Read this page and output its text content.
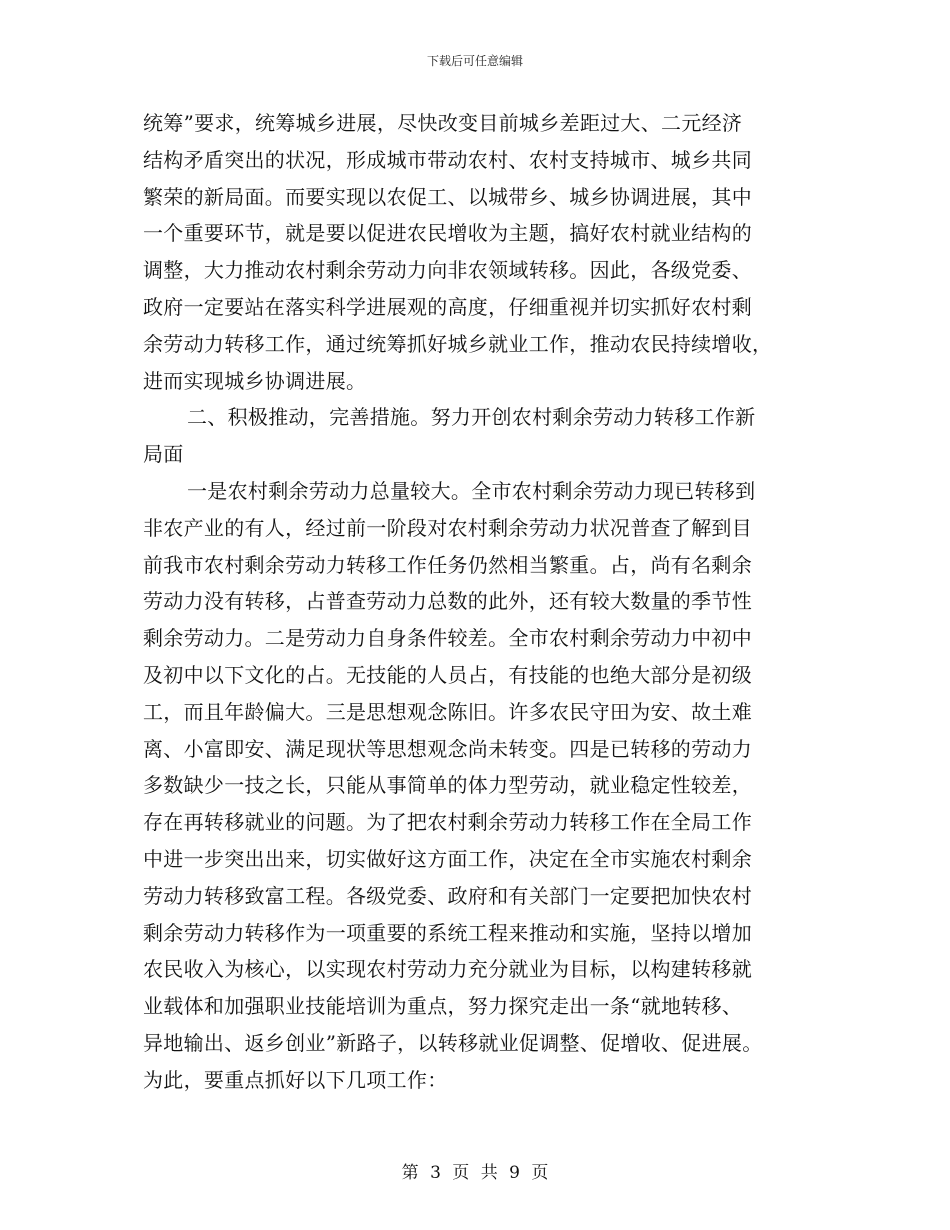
下载后可任意编辑
统筹”要求，统筹城乡进展，尽快改变目前城乡差距过大、二元经济
结构矛盾突出的状况，形成城市带动农村、农村支持城市、城乡共同
繁荣的新局面。而要实现以农促工、以城带乡、城乡协调进展，其中
一个重要环节，就是要以促进农民增收为主题，搞好农村就业结构的
调整，大力推动农村剩余劳动力向非农领域转移。因此，各级党委、
政府一定要站在落实科学进展观的高度，仔细重视并切实抓好农村剩
余劳动力转移工作，通过统筹抓好城乡就业工作，推动农民持续增收，
进而实现城乡协调进展。
二、积极推动，完善措施。努力开创农村剩余劳动力转移工作新
局面
一是农村剩余劳动力总量较大。全市农村剩余劳动力现已转移到
非农产业的有人，经过前一阶段对农村剩余劳动力状况普查了解到目
前我市农村剩余劳动力转移工作任务仍然相当繁重。占，尚有名剩余
劳动力没有转移，占普查劳动力总数的此外，还有较大数量的季节性
剩余劳动力。二是劳动力自身条件较差。全市农村剩余劳动力中初中
及初中以下文化的占。无技能的人员占，有技能的也绝大部分是初级
工，而且年龄偏大。三是思想观念陈旧。许多农民守田为安、故土难
离、小富即安、满足现状等思想观念尚未转变。四是已转移的劳动力
多数缺少一技之长，只能从事简单的体力型劳动，就业稳定性较差，
存在再转移就业的问题。为了把农村剩余劳动力转移工作在全局工作
中进一步突出出来，切实做好这方面工作，决定在全市实施农村剩余
劳动力转移致富工程。各级党委、政府和有关部门一定要把加快农村
剩余劳动力转移作为一项重要的系统工程来推动和实施，坚持以增加
农民收入为核心，以实现农村劳动力充分就业为目标，以构建转移就
业载体和加强职业技能培训为重点，努力探究走出一条“就地转移、
异地输出、返乡创业”新路子，以转移就业促调整、促增收、促进展。
为此，要重点抓好以下几项工作：
第 3 页 共 9 页
